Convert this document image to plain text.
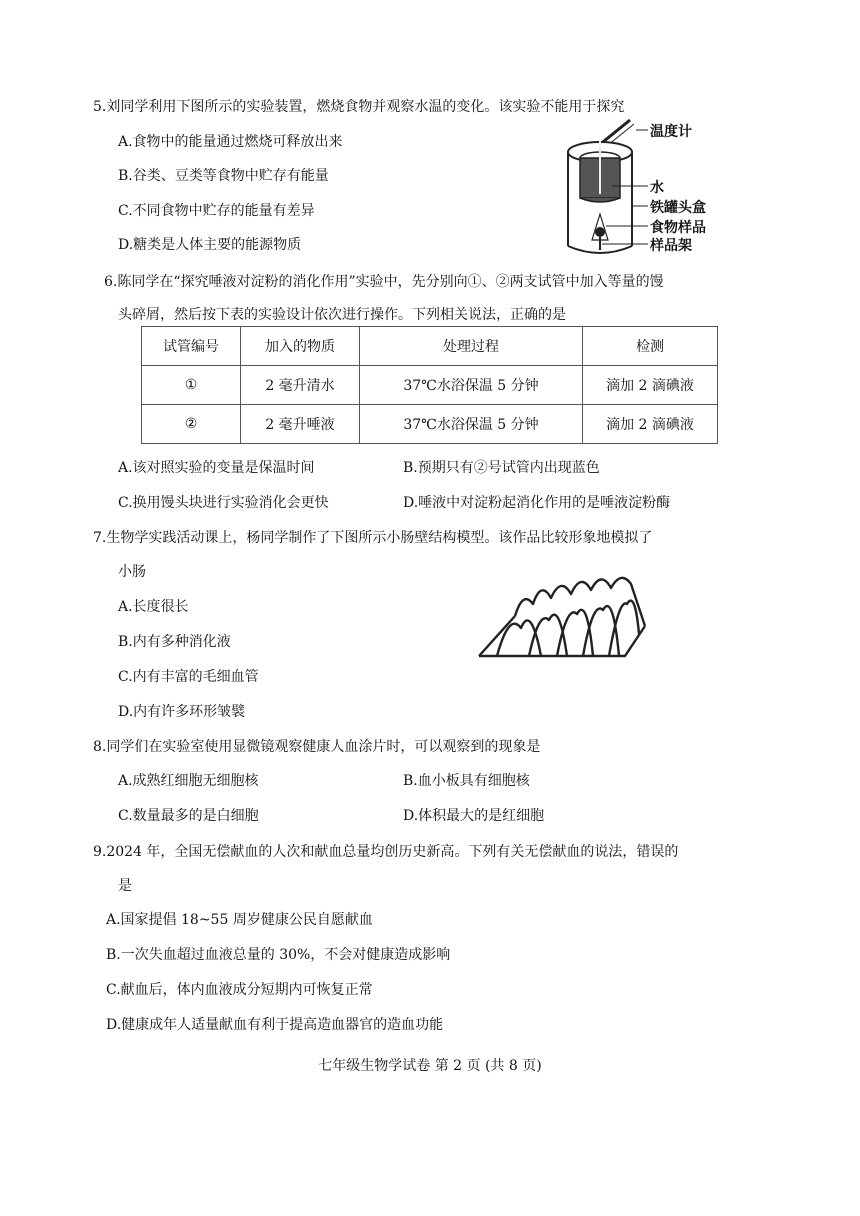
5.刘同学利用下图所示的实验装置，燃烧食物并观察水温的变化。该实验不能用于探究
A.食物中的能量通过燃烧可释放出来
B.谷类、豆类等食物中贮存有能量
C.不同食物中贮存的能量有差异
D.糖类是人体主要的能源物质
温度计
水
铁罐头盒
食物样品
样品架
6.陈同学在“探究唾液对淀粉的消化作用”实验中，先分别向①、②两支试管中加入等量的馒
头碎屑，然后按下表的实验设计依次进行操作。下列相关说法，正确的是
试管编号	加入的物质	处理过程	检测
①	2 毫升清水	37℃水浴保温 5 分钟	滴加 2 滴碘液
②	2 毫升唾液	37℃水浴保温 5 分钟	滴加 2 滴碘液
A.该对照实验的变量是保温时间	B.预期只有②号试管内出现蓝色
C.换用馒头块进行实验消化会更快	D.唾液中对淀粉起消化作用的是唾液淀粉酶
7.生物学实践活动课上，杨同学制作了下图所示小肠壁结构模型。该作品比较形象地模拟了
小肠
A.长度很长
B.内有多种消化液
C.内有丰富的毛细血管
D.内有许多环形皱襞
8.同学们在实验室使用显微镜观察健康人血涂片时，可以观察到的现象是
A.成熟红细胞无细胞核	B.血小板具有细胞核
C.数量最多的是白细胞	D.体积最大的是红细胞
9.2024 年，全国无偿献血的人次和献血总量均创历史新高。下列有关无偿献血的说法，错误的
是
A.国家提倡 18~55 周岁健康公民自愿献血
B.一次失血超过血液总量的 30%，不会对健康造成影响
C.献血后，体内血液成分短期内可恢复正常
D.健康成年人适量献血有利于提高造血器官的造血功能
七年级生物学试卷 第 2 页 (共 8 页)
